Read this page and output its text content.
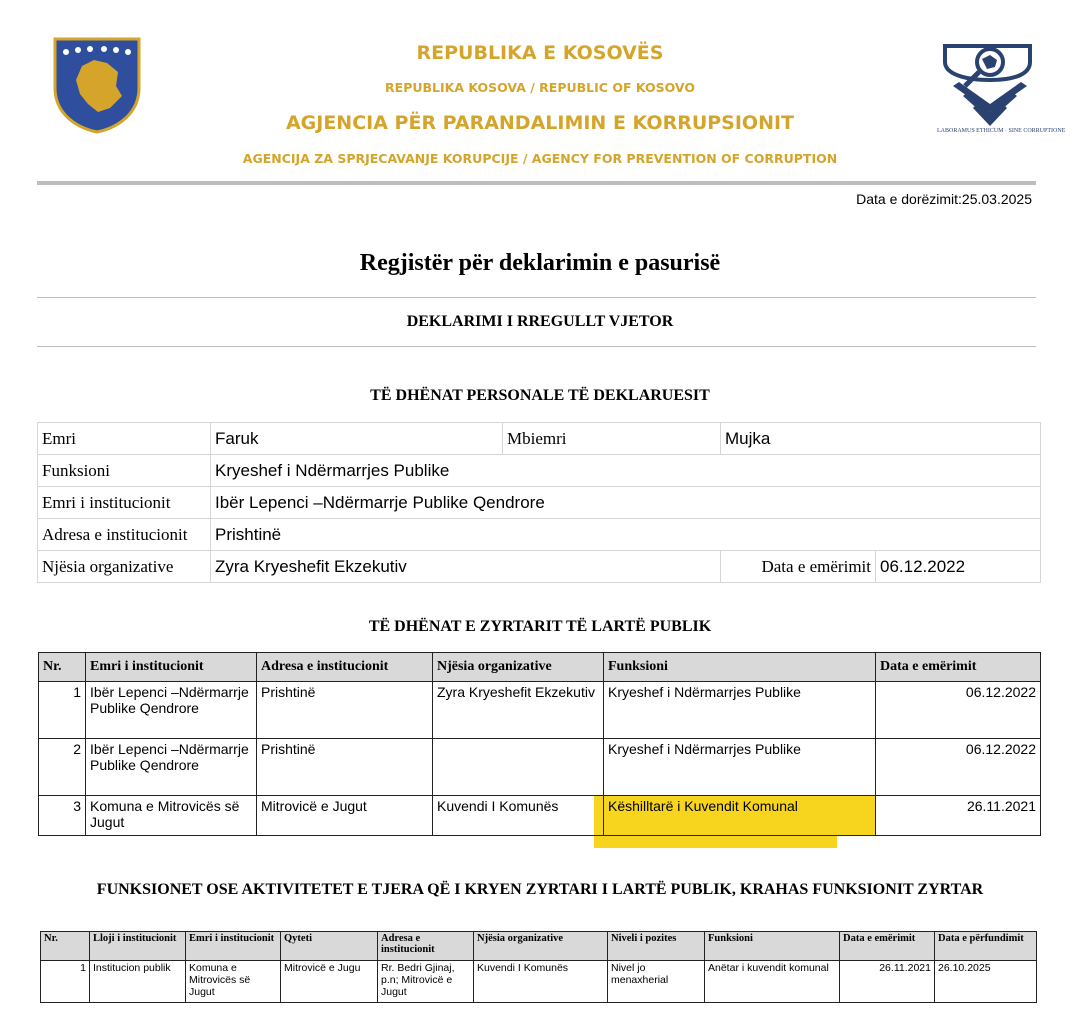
REPUBLIKA E KOSOVËS
REPUBLIKA KOSOVA / REPUBLIC OF KOSOVO
AGJENCIA PËR PARANDALIMIN E KORRUPSIONIT
AGENCIJA ZA SPRJECAVANJE KORUPCIJE / AGENCY FOR PREVENTION OF CORRUPTION
LABORAMUS ETHICUM · SINE CORRUPTIONE
Data e dorëzimit:25.03.2025
Regjistër për deklarimin e pasurisë
DEKLARIMI I RREGULLT VJETOR
TË DHËNAT PERSONALE TË DEKLARUESIT
Emri	Faruk	Mbiemri	Mujka	
Funksioni	Kryeshef i Ndërmarrjes Publike			
Emri i institucionit	Ibër Lepenci –Ndërmarrje Publike Qendrore			
Adresa e institucionit	Prishtinë			
Njësia organizative	Zyra Kryeshefit Ekzekutiv		Data e emërimit	06.12.2022
TË DHËNAT E ZYRTARIT TË LARTË PUBLIK
Nr.	Emri i institucionit	Adresa e institucionit	Njësia organizative	Funksioni	Data e emërimit
1	Ibër Lepenci –Ndërmarrje Publike Qendrore	Prishtinë	Zyra Kryeshefit Ekzekutiv	Kryeshef i Ndërmarrjes Publike	06.12.2022
2	Ibër Lepenci –Ndërmarrje Publike Qendrore	Prishtinë		Kryeshef i Ndërmarrjes Publike	06.12.2022
3	Komuna e Mitrovicës së Jugut	Mitrovicë e Jugut	Kuvendi I Komunës	Këshilltarë i Kuvendit Komunal	26.11.2021
FUNKSIONET OSE AKTIVITETET E TJERA QË I KRYEN ZYRTARI I LARTË PUBLIK, KRAHAS FUNKSIONIT ZYRTAR
Nr.	Lloji i institucionit	Emri i institucionit	Qyteti	Adresa e institucionit	Njësia organizative	Niveli i pozites	Funksioni	Data e emërimit	Data e përfundimit
1	Institucion publik	Komuna e Mitrovicës së Jugut	Mitrovicë e Jugu	Rr. Bedri Gjinaj, p.n; Mitrovicë e Jugut	Kuvendi I Komunës	Nivel jo menaxherial	Anëtar i kuvendit komunal	26.11.2021	26.10.2025
